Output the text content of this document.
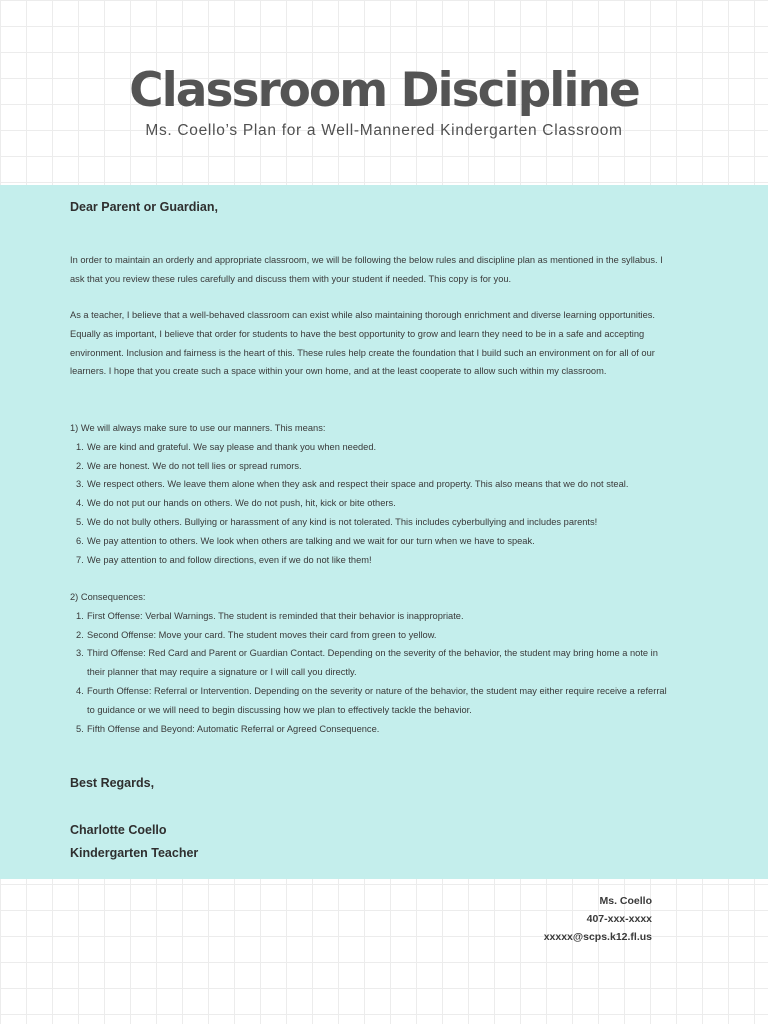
Classroom Discipline
Ms. Coello’s Plan for a Well-Mannered Kindergarten Classroom
Dear Parent or Guardian,
In order to maintain an orderly and appropriate classroom, we will be following the below rules and discipline plan as mentioned in the syllabus. I ask that you review these rules carefully and discuss them with your student if needed. This copy is for you.
As a teacher, I believe that a well-behaved classroom can exist while also maintaining thorough enrichment and diverse learning opportunities. Equally as important, I believe that order for students to have the best opportunity to grow and learn they need to be in a safe and accepting environment. Inclusion and fairness is the heart of this. These rules help create the foundation that I build such an environment on for all of our learners. I hope that you create such a space within your own home, and at the least cooperate to allow such within my classroom.
1) We will always make sure to use our manners. This means:
1. We are kind and grateful. We say please and thank you when needed.
2. We are honest. We do not tell lies or spread rumors.
3. We respect others. We leave them alone when they ask and respect their space and property. This also means that we do not steal.
4. We do not put our hands on others. We do not push, hit, kick or bite others.
5. We do not bully others. Bullying or harassment of any kind is not tolerated. This includes cyberbullying and includes parents!
6. We pay attention to others. We look when others are talking and we wait for our turn when we have to speak.
7. We pay attention to and follow directions, even if we do not like them!
2) Consequences:
1. First Offense: Verbal Warnings. The student is reminded that their behavior is inappropriate.
2. Second Offense: Move your card. The student moves their card from green to yellow.
3. Third Offense: Red Card and Parent or Guardian Contact. Depending on the severity of the behavior, the student may bring home a note in their planner that may require a signature or I will call you directly.
4. Fourth Offense: Referral or Intervention. Depending on the severity or nature of the behavior, the student may either require receive a referral to guidance or we will need to begin discussing how we plan to effectively tackle the behavior.
5. Fifth Offense and Beyond: Automatic Referral or Agreed Consequence.
Best Regards,
Charlotte Coello
Kindergarten Teacher
Ms. Coello
407-xxx-xxxx
xxxxx@scps.k12.fl.us
